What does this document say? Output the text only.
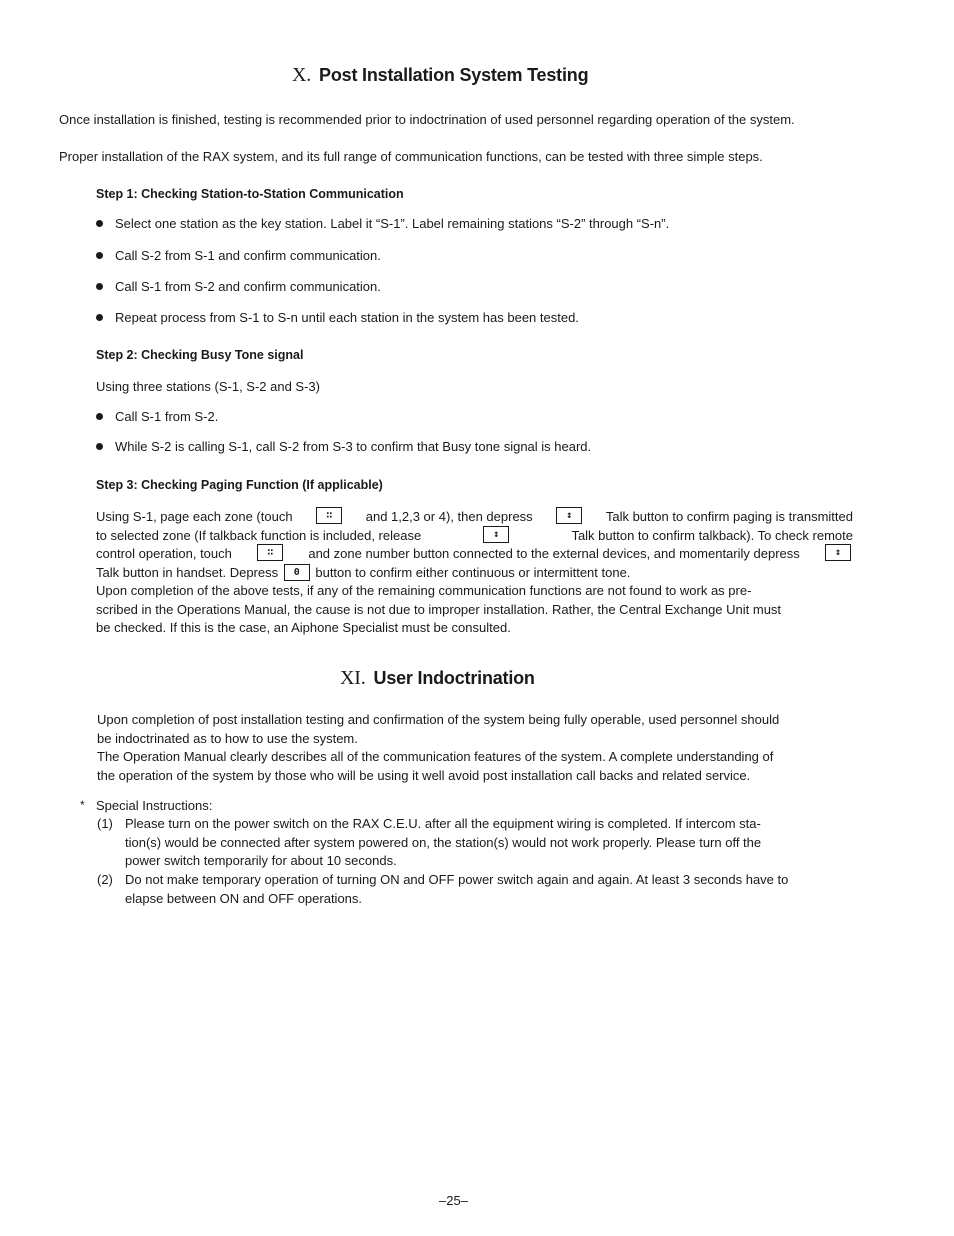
X. Post Installation System Testing
Once installation is finished, testing is recommended prior to indoctrination of used personnel regarding operation of the system.
Proper installation of the RAX system, and its full range of communication functions, can be tested with three simple steps.
Step 1: Checking Station-to-Station Communication
Select one station as the key station. Label it “S-1”. Label remaining stations “S-2” through “S-n”.
Call S-2 from S-1 and confirm communication.
Call S-1 from S-2 and confirm communication.
Repeat process from S-1 to S-n until each station in the system has been tested.
Step 2: Checking Busy Tone signal
Using three stations (S-1, S-2 and S-3)
Call S-1 from S-2.
While S-2 is calling S-1, call S-2 from S-3 to confirm that Busy tone signal is heard.
Step 3: Checking Paging Function (If applicable)
Using S-1, page each zone (touch	∷	and 1,2,3 or 4), then depress	↕	Talk button to confirm paging is transmitted
to selected zone (If talkback function is included, release	↕	Talk button to confirm talkback). To check remote
control operation, touch	∷	and zone number button connected to the external devices, and momentarily depress	↕
Talk button in handset. Depress 0 button to confirm either continuous or intermittent tone.
Upon completion of the above tests, if any of the remaining communication functions are not found to work as pre-
scribed in the Operations Manual, the cause is not due to improper installation. Rather, the Central Exchange Unit must
be checked. If this is the case, an Aiphone Specialist must be consulted.
XI. User Indoctrination
Upon completion of post installation testing and confirmation of the system being fully operable, used personnel should
be indoctrinated as to how to use the system.
The Operation Manual clearly describes all of the communication features of the system. A complete understanding of
the operation of the system by those who will be using it well avoid post installation call backs and related service.
* Special Instructions:
(1) Please turn on the power switch on the RAX C.E.U. after all the equipment wiring is completed. If intercom sta-
tion(s) would be connected after system powered on, the station(s) would not work properly. Please turn off the
power switch temporarily for about 10 seconds.
(2) Do not make temporary operation of turning ON and OFF power switch again and again. At least 3 seconds have to
elapse between ON and OFF operations.
–25–
